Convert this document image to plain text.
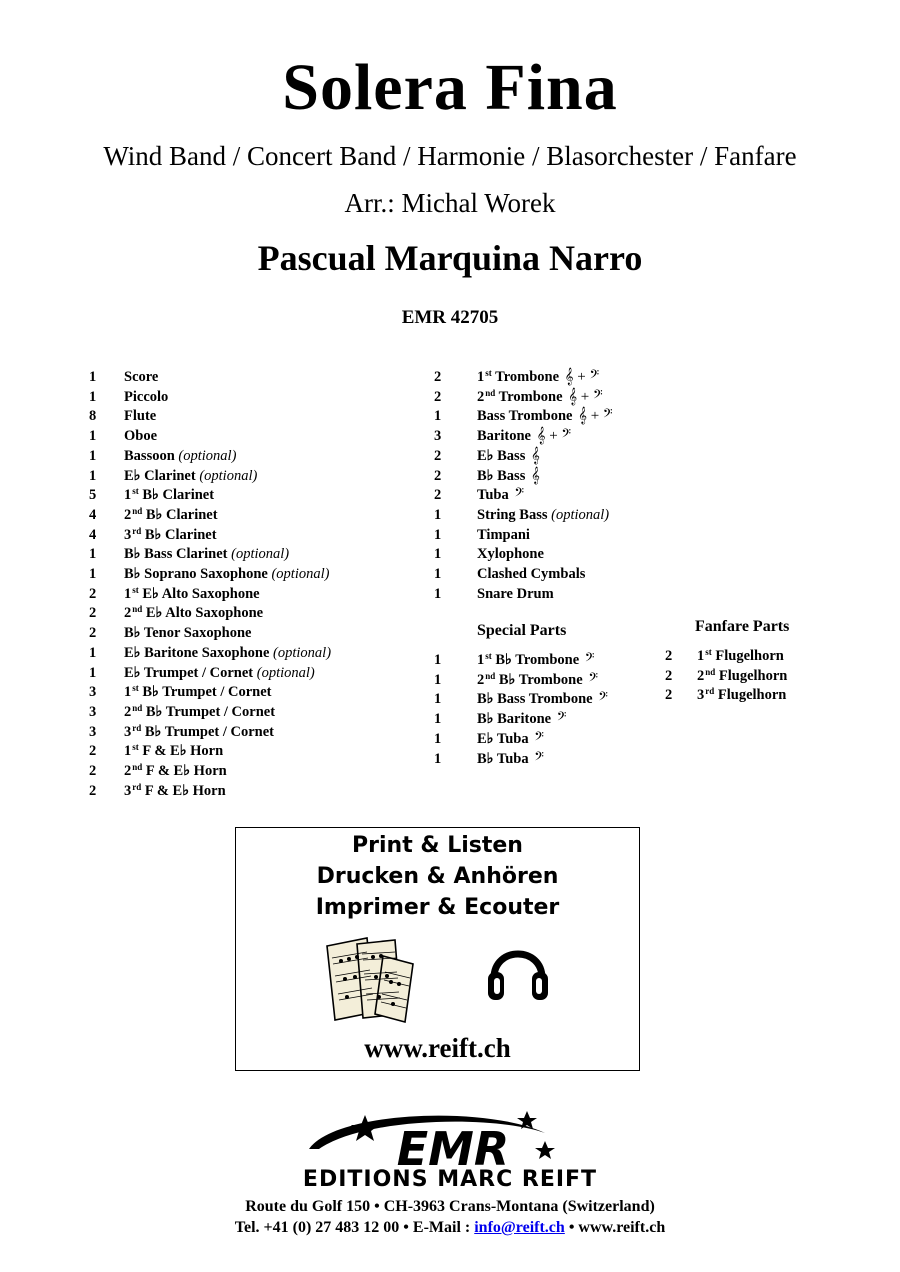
Solera Fina
Wind Band / Concert Band / Harmonie / Blasorchester / Fanfare
Arr.: Michal Worek
Pascual Marquina Narro
EMR 42705
1 Score
1 Piccolo
8 Flute
1 Oboe
1 Bassoon (optional)
1 E♭ Clarinet (optional)
5 1st B♭ Clarinet
4 2nd B♭ Clarinet
4 3rd B♭ Clarinet
1 B♭ Bass Clarinet (optional)
1 B♭ Soprano Saxophone (optional)
2 1st E♭ Alto Saxophone
2 2nd E♭ Alto Saxophone
2 B♭ Tenor Saxophone
1 E♭ Baritone Saxophone (optional)
1 E♭ Trumpet / Cornet (optional)
3 1st B♭ Trumpet / Cornet
3 2nd B♭ Trumpet / Cornet
3 3rd B♭ Trumpet / Cornet
2 1st F & E♭ Horn
2 2nd F & E♭ Horn
2 3rd F & E♭ Horn
2 1st Trombone 𝄞 + 𝄢
2 2nd Trombone 𝄞 + 𝄢
1 Bass Trombone 𝄞 + 𝄢
3 Baritone 𝄞 + 𝄢
2 E♭ Bass 𝄞
2 B♭ Bass 𝄞
2 Tuba 𝄢
1 String Bass (optional)
1 Timpani
1 Xylophone
1 Clashed Cymbals
1 Snare Drum
Special Parts
1 1st B♭ Trombone 𝄢
1 2nd B♭ Trombone 𝄢
1 B♭ Bass Trombone 𝄢
1 B♭ Baritone 𝄢
1 E♭ Tuba 𝄢
1 B♭ Tuba 𝄢
Fanfare Parts
2 1st Flugelhorn
2 2nd Flugelhorn
2 3rd Flugelhorn
Print & Listen
Drucken & Anhören
Imprimer & Ecouter
www.reift.ch
EMR
EDITIONS MARC REIFT
Route du Golf 150 • CH-3963 Crans-Montana (Switzerland)
Tel. +41 (0) 27 483 12 00 • E-Mail : info@reift.ch • www.reift.ch
